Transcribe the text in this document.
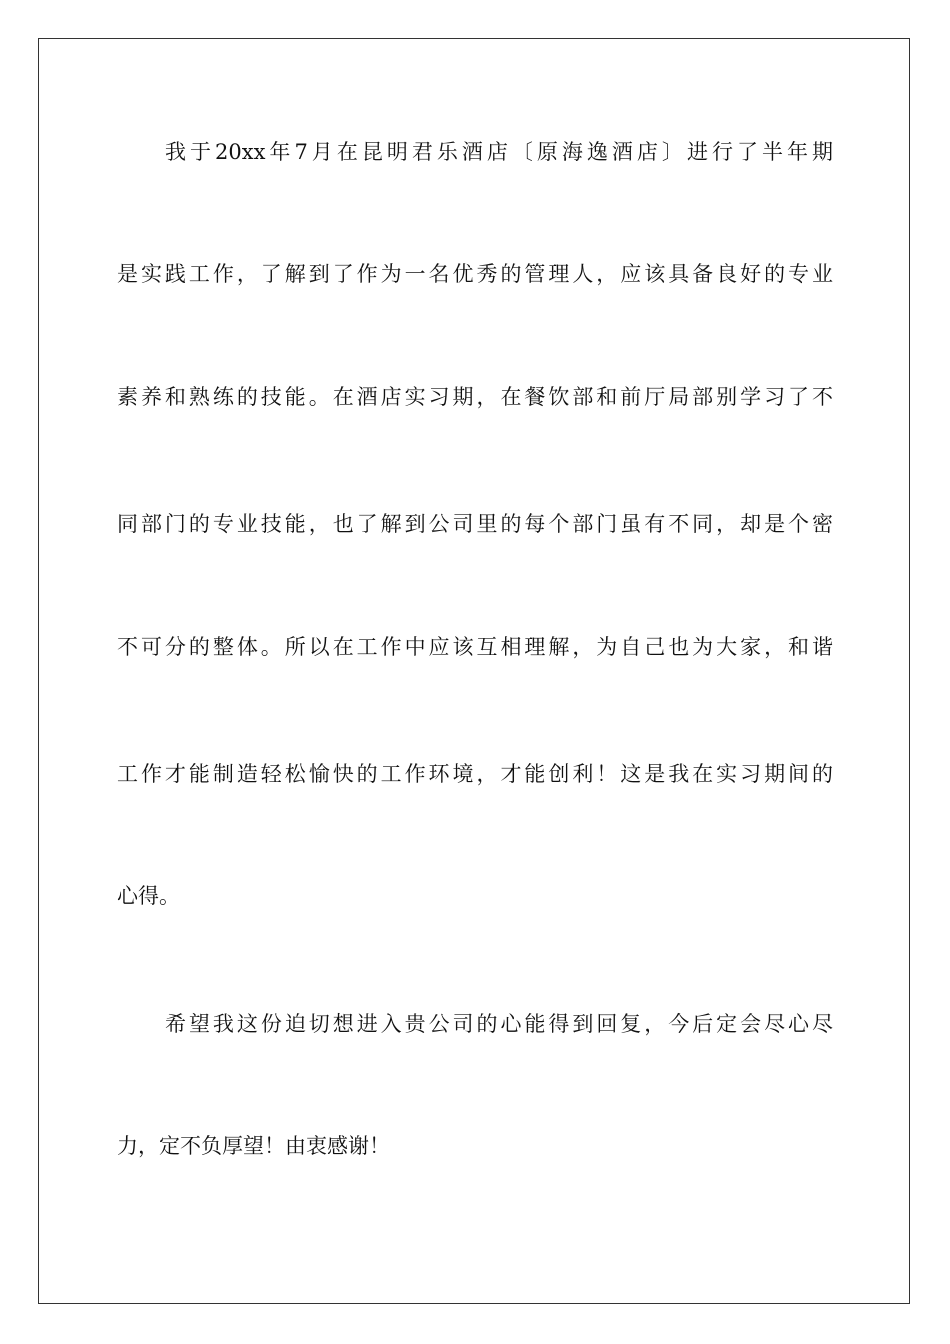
我于20xx年7月在昆明君乐酒店〔原海逸酒店〕进行了半年期
是实践工作，了解到了作为一名优秀的管理人，应该具备良好的专业
素养和熟练的技能。在酒店实习期，在餐饮部和前厅局部别学习了不
同部门的专业技能，也了解到公司里的每个部门虽有不同，却是个密
不可分的整体。所以在工作中应该互相理解，为自己也为大家，和谐
工作才能制造轻松愉快的工作环境，才能创利！这是我在实习期间的
心得。
希望我这份迫切想进入贵公司的心能得到回复，今后定会尽心尽
力，定不负厚望！由衷感谢！
